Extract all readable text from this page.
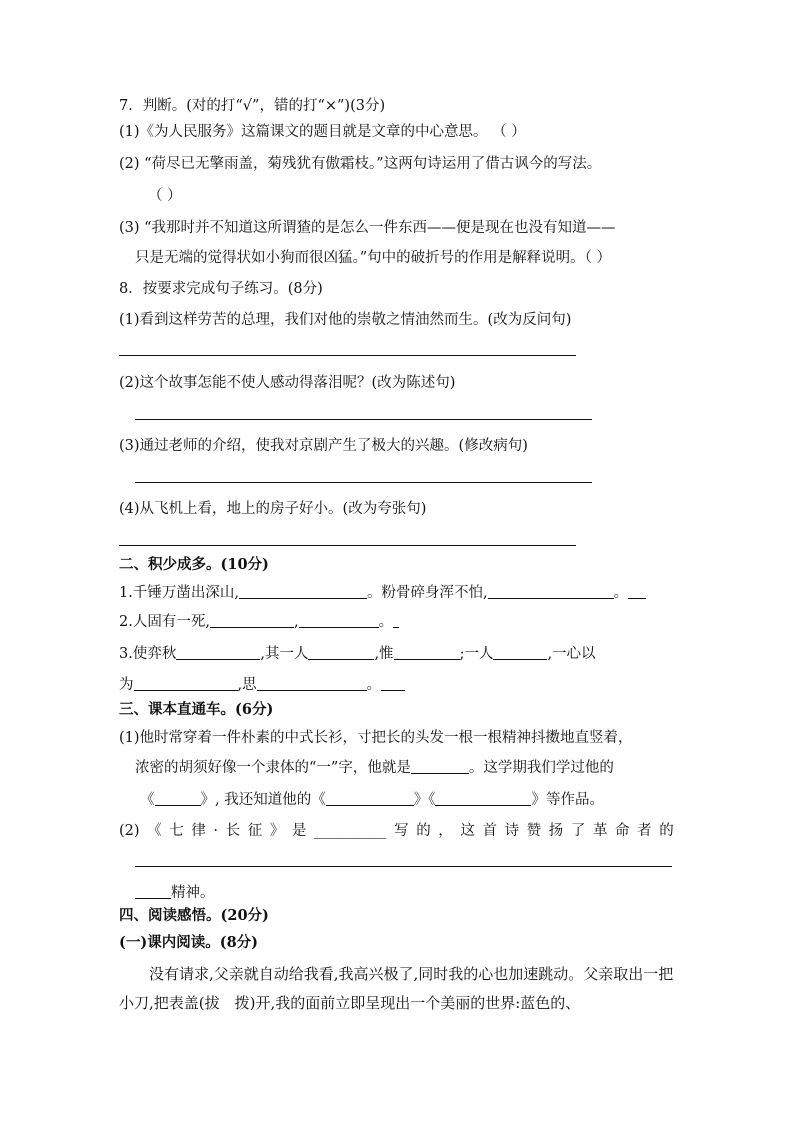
7．判断。(对的打“√”，错的打“×”)(3分)
(1)《为人民服务》这篇课文的题目就是文章的中心意思。 （ ）
(2) “荷尽已无擎雨盖，菊残犹有傲霜枝。”这两句诗运用了借古讽今的写法。
（ ）
(3) “我那时并不知道这所谓猹的是怎么一件东西——便是现在也没有知道——
只是无端的觉得状如小狗而很凶猛。”句中的破折号的作用是解释说明。（ ）
8．按要求完成句子练习。(8分)
(1)看到这样劳苦的总理，我们对他的崇敬之情油然而生。(改为反问句)
(2)这个故事怎能不使人感动得落泪呢？(改为陈述句)
(3)通过老师的介绍，使我对京剧产生了极大的兴趣。(修改病句)
(4)从飞机上看，地上的房子好小。(改为夸张句)
二、积少成多。(10分)
1.千锤万凿出深山,	。粉骨碎身浑不怕,	。
2.人固有一死,	,	。
3.使弈秋	,其一人	,惟	;一人	,一心以
为	,思	。
三、课本直通车。(6分)
(1)他时常穿着一件朴素的中式长衫，寸把长的头发一根一根精神抖擞地直竖着，
浓密的胡须好像一个隶体的“一”字，他就是	。这学期我们学过他的
《	》, 我还知道他的《	》《	》等作品。
(2) 《 七 律 · 长 征 》 是 __________ 写 的 ， 这 首 诗 赞 扬 了 革 命 者 的
精神。
四、阅读感悟。(20分)
(一)课内阅读。(8分)
没有请求,父亲就自动给我看,我高兴极了,同时我的心也加速跳动。父亲取出一把小刀,把表盖(拔　拨)开,我的面前立即呈现出一个美丽的世界:蓝色的、
